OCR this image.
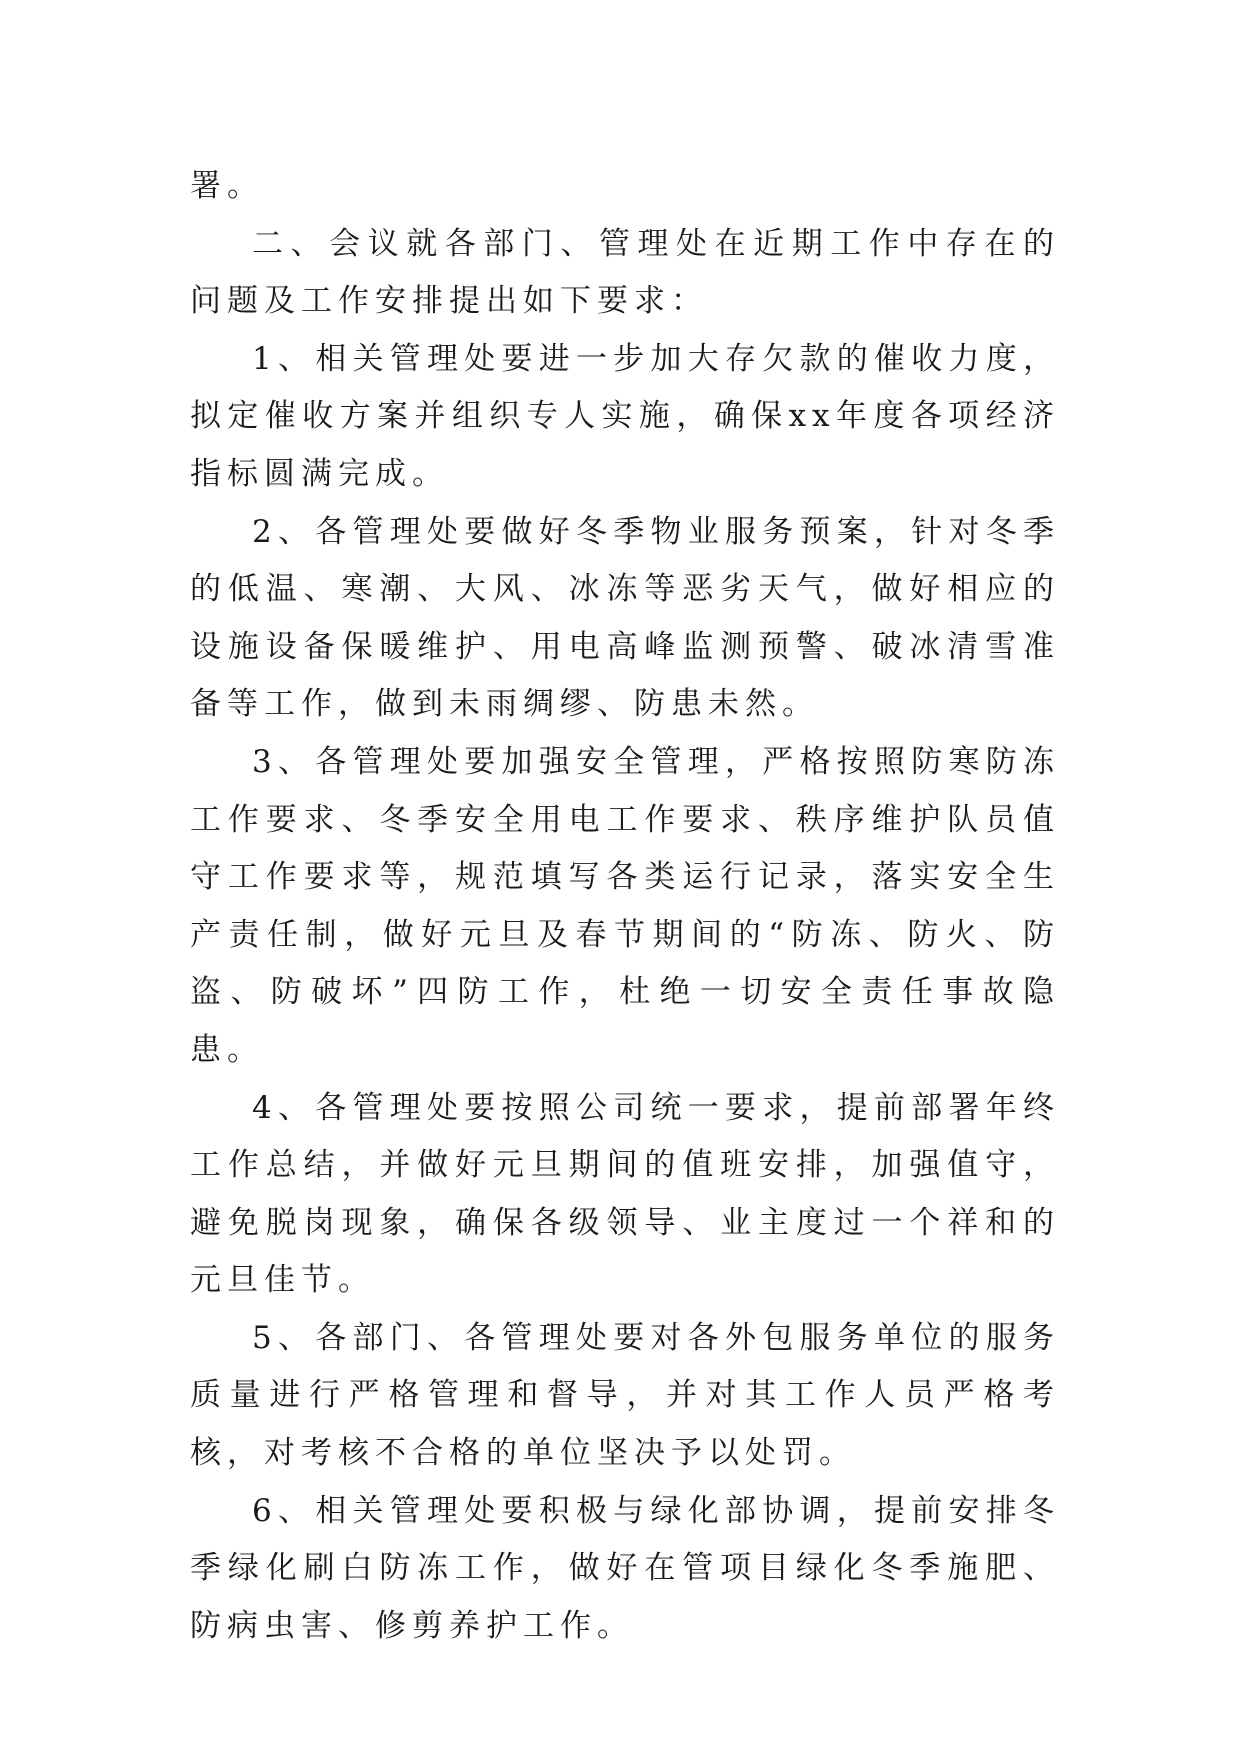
署。

二、会议就各部门、管理处在近期工作中存在的问题及工作安排提出如下要求：

1、相关管理处要进一步加大存欠款的催收力度，拟定催收方案并组织专人实施，确保xx年度各项经济指标圆满完成。

2、各管理处要做好冬季物业服务预案，针对冬季的低温、寒潮、大风、冰冻等恶劣天气，做好相应的设施设备保暖维护、用电高峰监测预警、破冰清雪准备等工作，做到未雨绸缪、防患未然。

3、各管理处要加强安全管理，严格按照防寒防冻工作要求、冬季安全用电工作要求、秩序维护队员值守工作要求等，规范填写各类运行记录，落实安全生产责任制，做好元旦及春节期间的“防冻、防火、防盗、防破坏”四防工作，杜绝一切安全责任事故隐患。

4、各管理处要按照公司统一要求，提前部署年终工作总结，并做好元旦期间的值班安排，加强值守，避免脱岗现象，确保各级领导、业主度过一个祥和的元旦佳节。

5、各部门、各管理处要对各外包服务单位的服务质量进行严格管理和督导，并对其工作人员严格考核，对考核不合格的单位坚决予以处罚。

6、相关管理处要积极与绿化部协调，提前安排冬季绿化刷白防冻工作，做好在管项目绿化冬季施肥、防病虫害、修剪养护工作。
